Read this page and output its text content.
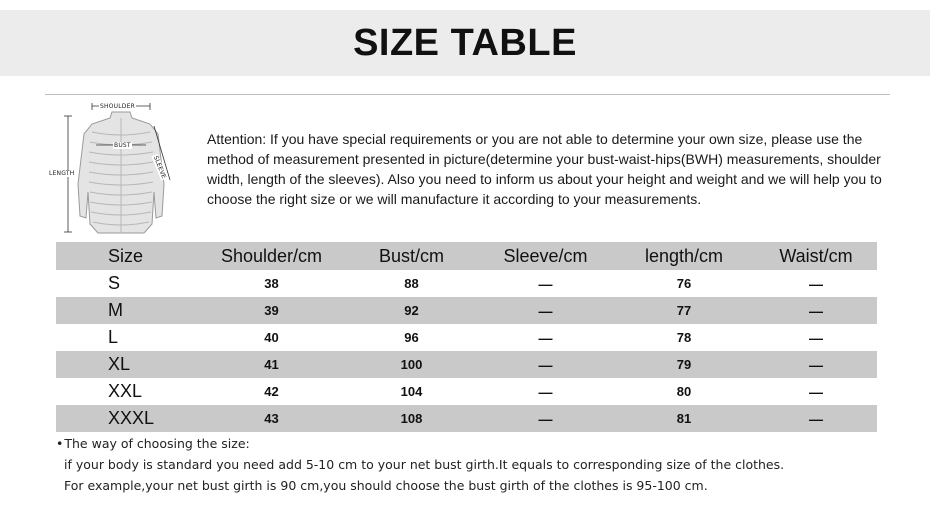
SIZE TABLE
SHOULDER
BUST
LENGTH	SLEEVE
Attention: If you have special requirements or you are not able to determine your own size, please use the method of measurement presented in picture(determine your bust-waist-hips(BWH) measurements, shoulder width, length of the sleeves). Also you need to inform us about your height and weight and we will help you to choose the right size or we will manufacture it according to your measurements.
Size	Shoulder/cm	Bust/cm	Sleeve/cm	length/cm	Waist/cm
S	38	88	—	76	—
M	39	92	—	77	—
L	40	96	—	78	—
XL	41	100	—	79	—
XXL	42	104	—	80	—
XXXL	43	108	—	81	—
•The way of choosing the size:
if your body is standard you need add 5-10 cm to your net bust girth.It equals to corresponding size of the clothes.
For example,your net bust girth is 90 cm,you should choose the bust girth of the clothes is 95-100 cm.
